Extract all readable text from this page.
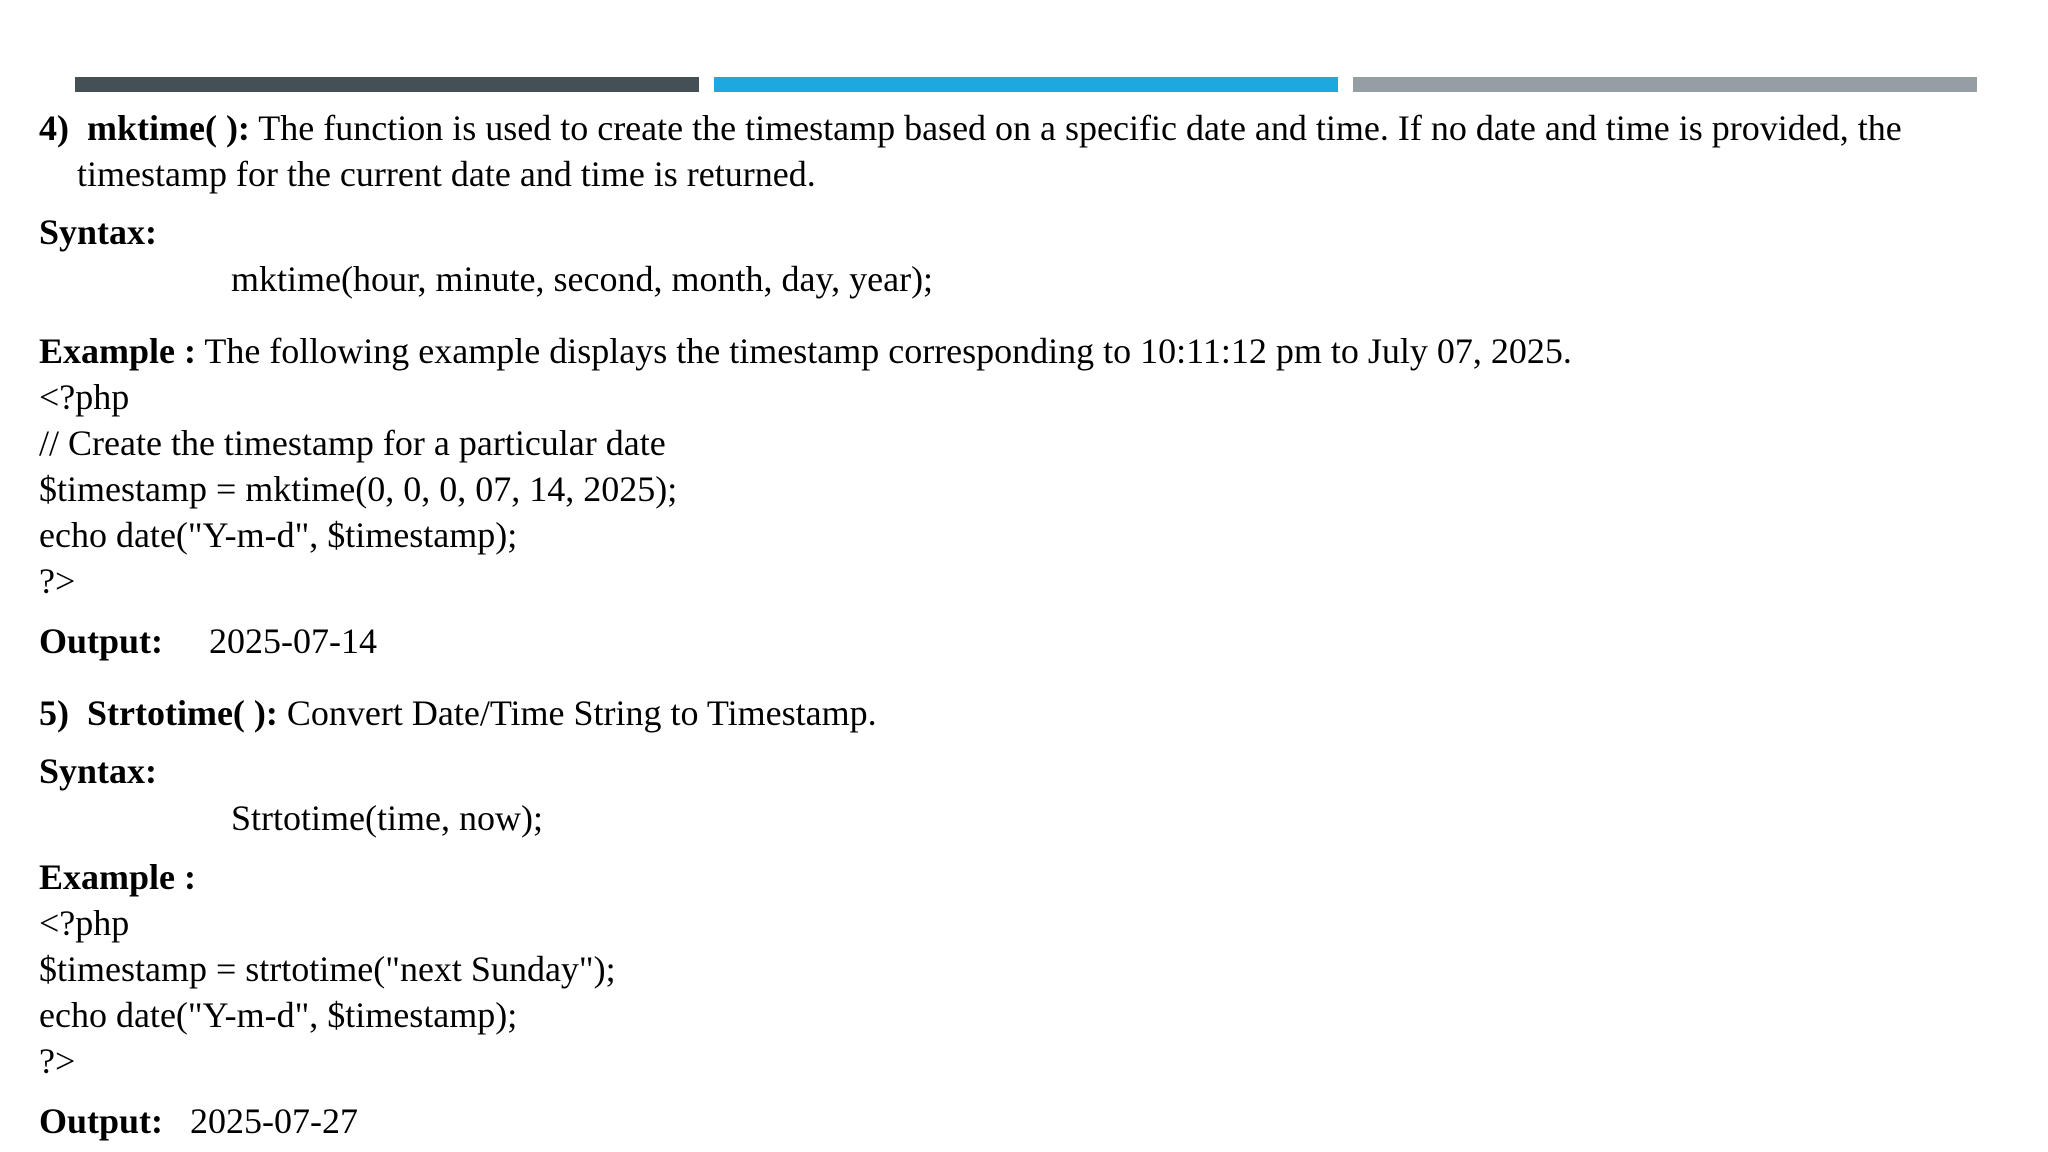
4)  mktime( ): The function is used to create the timestamp based on a specific date and time. If no date and time is provided, the
timestamp for the current date and time is returned.
Syntax:
mktime(hour, minute, second, month, day, year);
Example : The following example displays the timestamp corresponding to 10:11:12 pm to July 07, 2025.
<?php
// Create the timestamp for a particular date
$timestamp = mktime(0, 0, 0, 07, 14, 2025);
echo date("Y-m-d", $timestamp);
?>
Output: 2025-07-14
5)  Strtotime( ): Convert Date/Time String to Timestamp.
Syntax:
Strtotime(time, now);
Example :
<?php
$timestamp = strtotime("next Sunday");
echo date("Y-m-d", $timestamp);
?>
Output: 2025-07-27
